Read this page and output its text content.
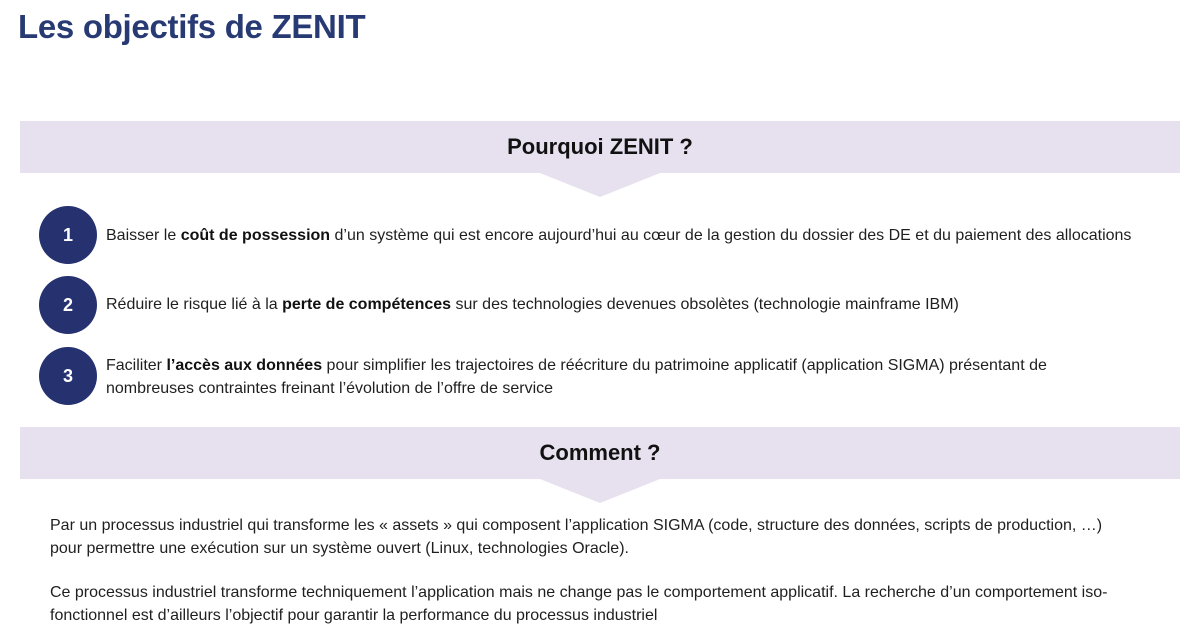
Les objectifs de ZENIT
Pourquoi ZENIT ?
1 Baisser le coût de possession d’un système qui est encore aujourd’hui au cœur de la gestion du dossier des DE et du paiement des allocations
2 Réduire le risque lié à la perte de compétences sur des technologies devenues obsolètes (technologie mainframe IBM)
3 Faciliter l’accès aux données pour simplifier les trajectoires de réécriture du patrimoine applicatif (application SIGMA) présentant de nombreuses contraintes freinant l’évolution de l’offre de service
Comment ?
Par un processus industriel qui transforme les « assets » qui composent l’application SIGMA (code, structure des données, scripts de production, …) pour permettre une exécution sur un système ouvert (Linux, technologies Oracle).
Ce processus industriel transforme techniquement l’application mais ne change pas le comportement applicatif. La recherche d’un comportement iso-fonctionnel est d’ailleurs l’objectif pour garantir la performance du processus industriel
